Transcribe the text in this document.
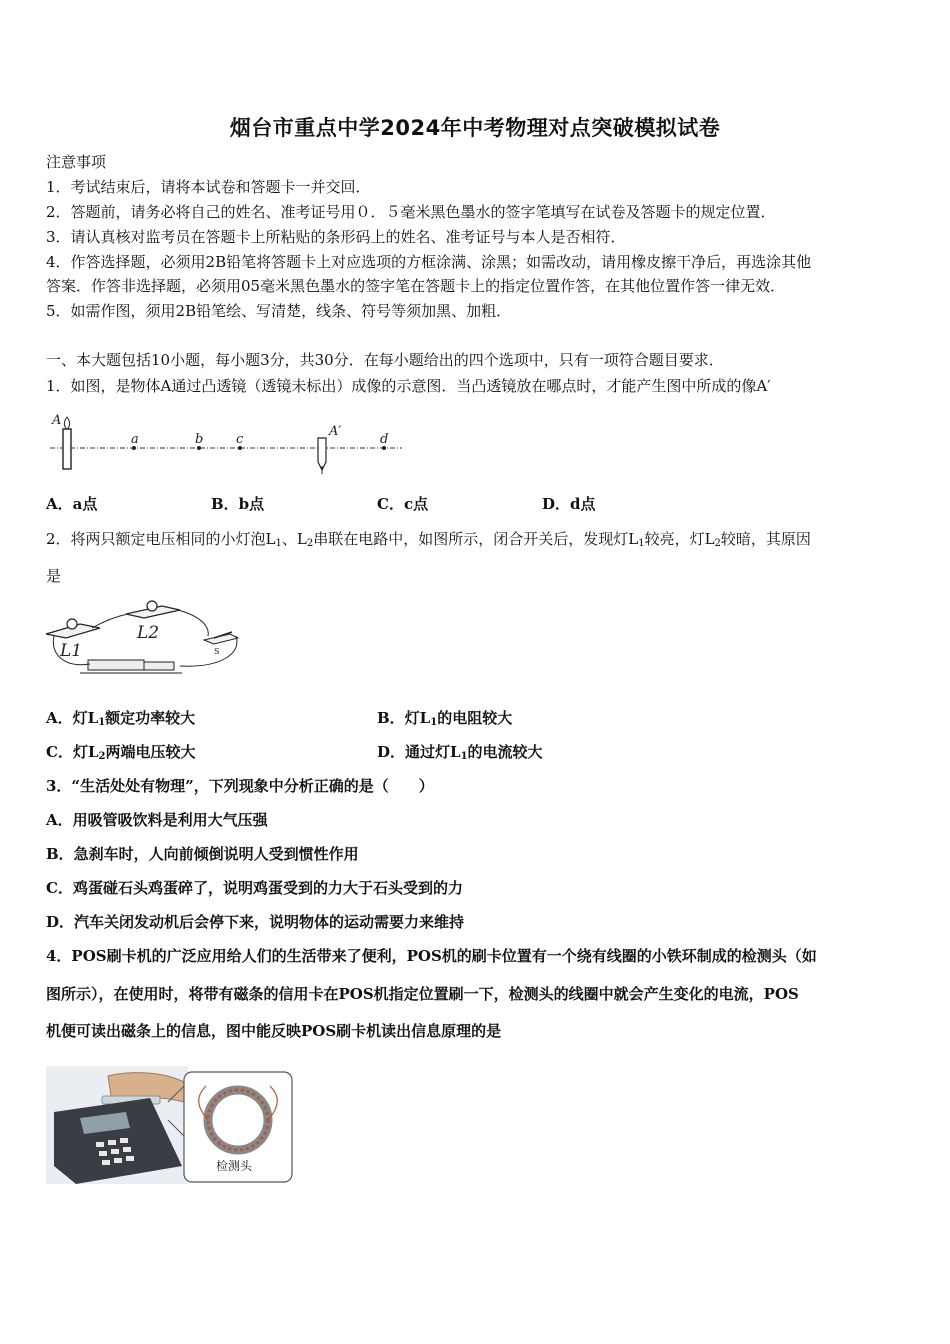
烟台市重点中学2024年中考物理对点突破模拟试卷
注意事项
1．考试结束后，请将本试卷和答题卡一并交回．
2．答题前，请务必将自己的姓名、准考证号用０．５毫米黑色墨水的签字笔填写在试卷及答题卡的规定位置．
3．请认真核对监考员在答题卡上所粘贴的条形码上的姓名、准考证号与本人是否相符．
4．作答选择题，必须用2B铅笔将答题卡上对应选项的方框涂满、涂黑；如需改动，请用橡皮擦干净后，再选涂其他
答案．作答非选择题，必须用05毫米黑色墨水的签字笔在答题卡上的指定位置作答，在其他位置作答一律无效．
5．如需作图，须用2B铅笔绘、写清楚，线条、符号等须加黑、加粗．
一、本大题包括10小题，每小题3分，共30分．在每小题给出的四个选项中，只有一项符合题目要求．
1．如图，是物体A通过凸透镜（透镜未标出）成像的示意图．当凸透镜放在哪点时，才能产生图中所成的像A′
A
a	b	c
A′
d
A．a点	B．b点	C．c点	D．d点
2．将两只额定电压相同的小灯泡$L_1$、$L_2$串联在电路中，如图所示，闭合开关后，发现灯$L_1$较亮，灯$L_2$较暗，其原因
是
L1
L2
S
A．灯$L_1$额定功率较大	B．灯$L_1$的电阻较大
C．灯$L_2$两端电压较大	D．通过灯$L_1$的电流较大
3．“生活处处有物理”，下列现象中分析正确的是（　　）
A．用吸管吸饮料是利用大气压强
B．急刹车时，人向前倾倒说明人受到惯性作用
C．鸡蛋碰石头鸡蛋碎了，说明鸡蛋受到的力大于石头受到的力
D．汽车关闭发动机后会停下来，说明物体的运动需要力来维持
4．POS刷卡机的广泛应用给人们的生活带来了便利，POS机的刷卡位置有一个绕有线圈的小铁环制成的检测头（如
图所示），在使用时，将带有磁条的信用卡在POS机指定位置刷一下，检测头的线圈中就会产生变化的电流，POS
机便可读出磁条上的信息，图中能反映POS刷卡机读出信息原理的是
检测头
